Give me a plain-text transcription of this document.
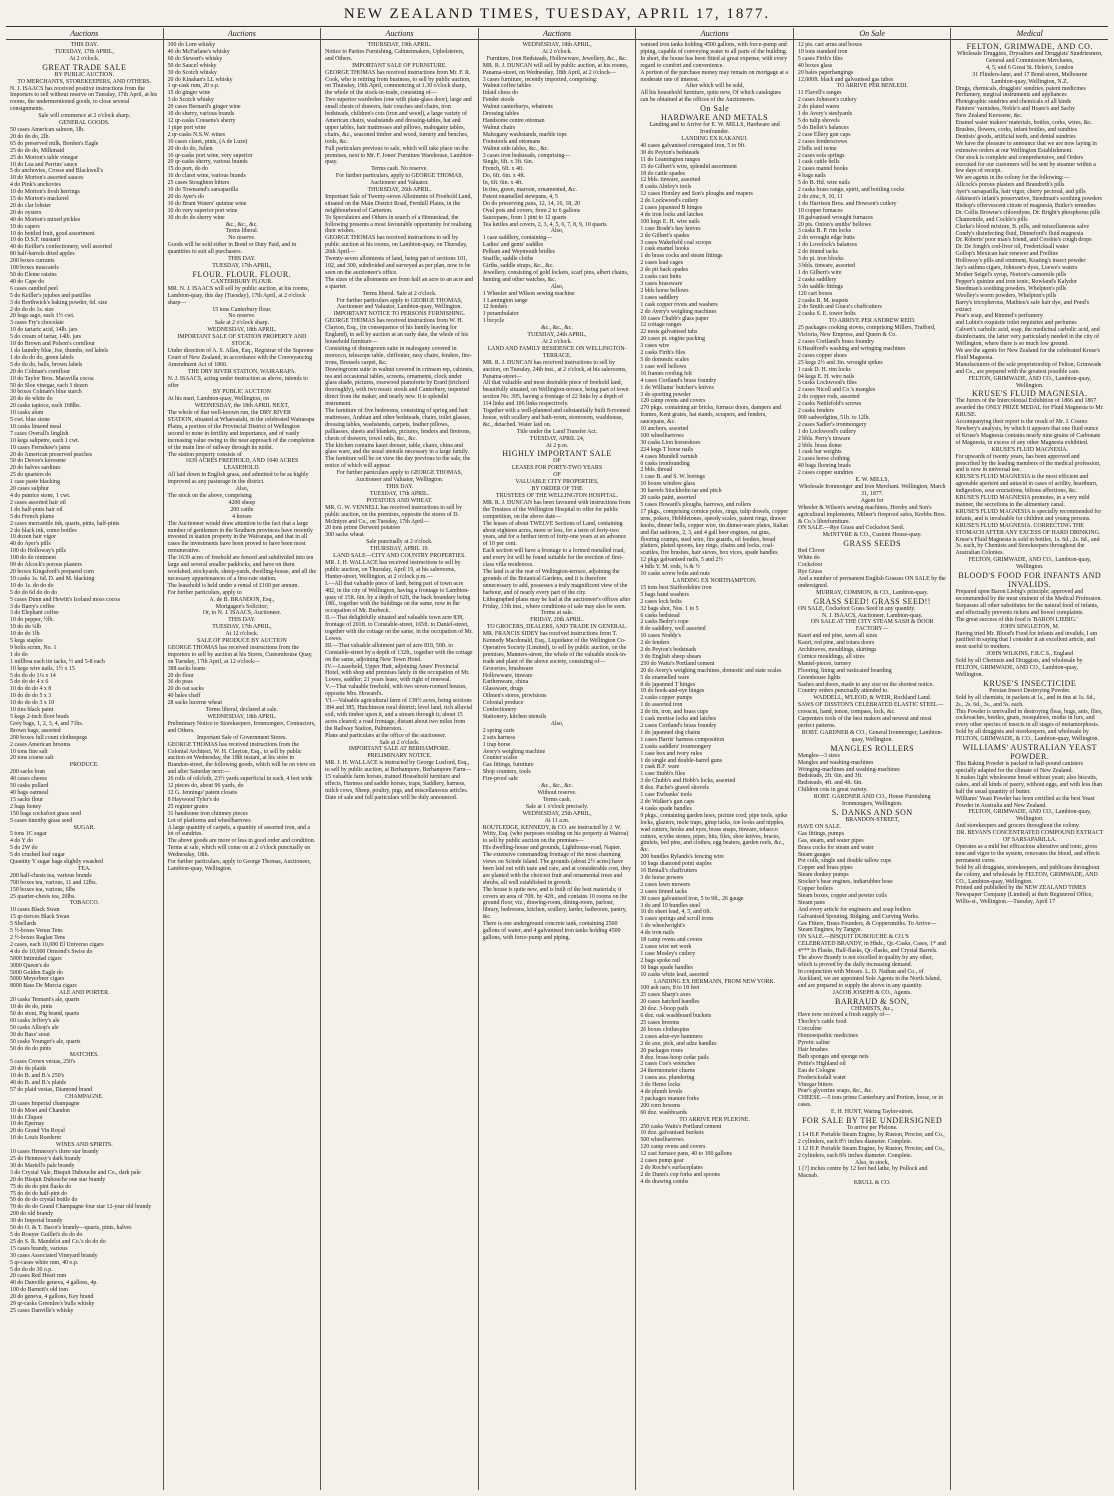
NEW ZEALAND TIMES, TUESDAY, APRIL 17, 1877.
Auctions

THIS DAY.

TUESDAY, 17th APRIL,

At 2 o'clock.

GREAT TRADE SALE

BY PUBLIC AUCTION.

TO MERCHANTS, STOREKEEPERS, AND OTHERS.

N. J. ISAACS has received positive instructions from the Importers to sell without reserve on Tuesday, 17th April, at his rooms, the undermentioned goods, to close several consignments.

Sale will commence at 2 o'clock sharp.

GENERAL GOODS.

50 cases American salmon, 1lb.

20 do do do, 2lb.

65 do preserved milk, Borden's Eagle

25 do do do, Milkmaid

25 do Morton's table vinegar

10 do Lea and Perrins' sauce

5 do anchovies, Crosse and Blackwell's

10 do Morton's assorted sauces

4 do Pink's anchovies

10 do Morton's fresh herrings

15 do Morton's mackerel

20 do clar lobster

20 do oysters

40 do Morton's mixed pickles

10 do capers

10 do bottled fruit, good assortment

10 do D.S.F. mustard

40 do Keiller's confectionery, well assorted

80 half-barrels dried apples

200 boxes currants

100 boxes muscatels

50 do Eleme raisins

40 do Cape do

6 cases candied peel

5 do Keiller's jujubes and pastilles

3 do Borthwick's baking powder, 6d. size

2 do do do 1s. size

20 bags sago, each 1½ cwt.

3 cases Fry's chocolate

10 do tartaric acid, 14lb. jars

5 do cream of tartar, 14lb. jars

10 do Brown and Polson's cornflour

1 do laundry blue, Joe, thumbs, red labels

1 do do do do, green labels

5 do do do, balls, brown labels

20 do Colman's cornflour

10 do Taylor Bros. Maravilla cocoa

50 do Sloe vinegar, each 3 dozen

30 boxes Colman's blue starch

20 do do white do

20 casks tapioca, each 168lbs.

10 casks alum

5 cwt. blue stone

10 casks linseed meal

7 cases Overall's linglish

10 kegs saltpetre, each 1 cwt.

10 cases Fernshaw's jams

20 do American preserved peaches

50 do Devoe's kerosene

20 do halves sardines

25 do quarters do

1 case paste blacking

20 cases sulphur

4 do pumice stone, 1 cwt.

2 cases assorted hair oil

1 do half-pints hair oil

5 do French plums

2 cases mercantile ink, quarts, pints, half-pints

2 do black ink, como bottles

10 dozen hair vigor

40 do Ayer's pills

100 do Holloway's pills

100 do do ointment

99 do Alcock's porous plasters

20 boxes Kingsford's prepared corn

10 casks 1s. 6d. D. and M. blacking

10 do 1s. do do do

5 do do 6d do do do

5 cases Dunn and Hewitt's Iceland moss cocoa

3 do Barry's coffee

3 do Elephant coffee

10 do pepper, ½lb.

10 do do ¼lb

10 do do 1lb

5 kegs staples

9 bolts scrim, No. 1

1 do do

1 millboa each tin tacks, ½ and 5-8 each

10 kegs wire nails, 1½ x 15

5 do do do 1¼ x 14

5 do do do 4 x 6

10 do do do 4 x 8

10 do do do 5 x 3

10 do do do 3 x 10

10 tins black paint

5 kegs 2-inch floor brads

Grey bags, 1, 2, 3, 4, and 71bs.

Brown bags, assorted

200 boxes full count clothespegs

2 cases American brooms

10 tons fine salt

20 tons coarse salt

PRODUCE.

200 sacks bran

40 cases cheese

50 casks pollard

40 bags oatmeal

15 sacks flour

2 bags honey

150 bags cocksfoot grass seed

5 cases timothy grass seed

SUGAR.

5 tons 1C sugar

4 do Y do

5 do 2W do

5 do crushed loaf sugar

Quantity Y sugar bags slightly swashed

TEA.

200 half-chests tea, various brands

700 boxes tea, various, 11 and 12lbs.

150 boxes tea, various, 6lbs

25 quarter-chests tea, 20lbs.

TOBACCO.

10 cases Black Swan

15 qr-tierces Black Swan

5 Shellards

5 ½-boxes Venus Tens

2 ½-boxes Raglan Tens

2 cases, each 10,000 El Universo cigars

4 do do 10,000 Ormond's Swiss do

5000 Intimidad cigars

3000 Queen's do

5000 Golden Eagle do

5000 Meyerbeer cigars

8000 Bass De Murcia cigars

ALE AND PORTER.

20 casks Tennant's ale, quarts

10 do do do, pints

50 do stout, Pig brand, quarts

60 casks Jeffrey's ale

50 casks Allsop's ale

30 do Bass' stout

50 casks Younger's ale, quarts

50 do do do pints

MATCHES.

5 cases Crown vestas, 250's

20 do do plaids

10 do B. and B.'s 250's

40 do B. and B.'s plaids

57 do plaid vestas, Diamond brand

CHAMPAGNE.

20 cases Imperial champagne

10 do Moet and Chandon

10 do Cliquot

10 do Epernay

20 do Grand Vin Royal

10 do Louis Roederer

WINES AND SPIRITS.

10 cases Hennessy's three star brandy

25 do Hennessy's dark brandy

30 do Martell's pale brandy

3 do Crystal Vale, Bisquit Dubouche and Co., dark pale

20 do Bisquit Dubouche one star brandy

75 do do do pint flasks do

75 do do do half-pint do

50 do do do crystal bottle do

70 do do do Grand Champagne four star 12-year old brandy

200 do old brandy

30 do Imperial brandy

50 do O. & T. Bacot's brandy—quarts, pints, halves

5 do Rouyer Guillet's do do do

25 do S. R. Mandelot and Co.'s do do do

15 cases brandy, various

30 cases Associated Vineyard brandy

5 qr-cases white rum, 40 o.p.

5 do do do 30 o.p.

20 cases Red Heart rum

40 do Danville geneva, 4 gallons, 4p.

100 do Barnett's old tom

20 do geneva, 4 gallons, Key brand

29 qr-casks Greenlee's bulls whisky

25 cases Danville's whisky

Auctions

100 do Lorn whisky

40 do McFarlane's whisky

60 do Stewart's whisky

50 do Saucel whisky

30 do Scotch whisky

20 do Kinahan's LL whisky

1 qr-cask rum, 20 o.p.

15 do ginger wine

3 do Scotch whisky

20 cases Bernard's ginger wine

10 do sherry, various brands

12 qr-casks Cousens's sherry

1 pipe port wine

2 qr-casks N.S.W. wines

10 cases claret, pints, (A de Luze)

20 do do do, Julien

16 qr-casks port wine, very superior

20 qr-casks sherry, various brands

15 do port, do do

16 do claret wine, various brands

25 cases Stoughton bitters

10 do Townsend's sarsaparilla

20 do Ayer's do

10 do Brunt Waters' quinine wine

10 do very superior port wine

10 do do do sherry wine

&c., &c., &c.

Terms liberal.

No reserve.

Goods will be sold either in Bond or Duty Paid, and in quantities to suit all purchasers.

THIS DAY.

TUESDAY, 17th APRIL,

FLOUR. FLOUR. FLOUR.

CANTERBURY FLOUR.

MR. N. J. ISAACS will sell by public auction, at his rooms, Lambton-quay, this day (Tuesday), 17th April, at 2 o'clock sharp—

15 tons Canterbury flour.

No reserve.

Sale at 2 o'clock sharp.

WEDNESDAY, 18th APRIL.

IMPORTANT SALE OF STATION PROPERTY AND STOCK.

Under direction of A. S. Allan, Esq., Registrar of the Supreme Court of New Zealand, in accordance with the Conveyancing Amendment Act of 1860.

THE DRY RIVER STATION, WAIRARAPA.

N. J. ISAACS, acting under instruction as above, intends to offer

BY PUBLIC AUCTION

At his mart, Lambton-quay, Wellington, on

WEDNESDAY, the 18th APRIL NEXT,

The whole of that well-known run, the DRY RIVER STATION, situated at Whareatahi, in the celebrated Wairarapa Plains, a portion of the Provincial District of Wellington second to none in fertility and importance, and of vastly increasing value owing to the near approach of the completion of the main line of railway through its midst.

The station property consists of

1639 ACRES FREEHOLD, AND 1040 ACRES LEASEHOLD.

All laid down in English grass, and admitted to be as highly improved as any pasturage in the district.

Also,

The stock on the above, comprising

4200 sheep

200 cattle

4 horses

The Auctioneer would draw attention to the fact that a large number of gentlemen in the Southern provinces have recently invested in station property in the Wairarapa, and that in all cases the investments have been proved to have been most remunerative.

The 1639 acres of freehold are fenced and subdivided into ten large and several smaller paddocks, and have on them woolshed, stockyards, sheep-yards, dwelling-house, and all the necessary appurtenances of a first-rate station.

The leasehold is held under a rental of £160 per annum.

For further particulars, apply to

A. de B. BRANDON, Esq.,

Mortgagee's Solicitor;

Or, to N. J. ISAACS, Auctioneer.

THIS DAY.

TUESDAY, 17th APRIL,

At 12 o'clock.

SALE OF PRODUCE BY AUCTION

GEORGE THOMAS has received instructions from the importers to sell by auction at his Stores, Customhouse Quay, on Tuesday, 17th April, at 12 o'clock—

388 sacks beans

20 do flour

36 do peas

20 do oat sacks

40 bales chaff

28 sacks lucerne wheat

Terms liberal, declared at sale.

WEDNESDAY, 18th APRIL.

Preliminary Notice to Storekeepers, Ironmongers, Contractors, and Others.

Important Sale of Government Stores.

GEORGE THOMAS has received instructions from the Colonial Architect, W. H. Clayton, Esq., to sell by public auction on Wednesday, the 18th instant, at his store in Brandon-street, the following goods, which will be on view on and after Saturday next:—

26 rolls of oilcloth, 23½ yards superficial in each, 4 feet wide

12 pieces do, about 96 yards, do

12 G. Jennings' patent closets

8 Haywood Tyler's do

25 register grates

31 handsome iron chimney pieces

Lot of platforms and wheelbarrows

A large quantity of carpets, a quantity of assorted iron, and a lot of sundries.

The above goods are more or less in good order and condition.

Terms at sale, which will come on at 2 o'clock punctually on Wednesday, 18th.

For further particulars, apply to George Thomas, Auctioneer, Lambton-quay, Wellington.

Auctions

THURSDAY, 19th APRIL.

Notice to Parties Furnishing, Cabinetmakers, Upholsterers, and Others.

IMPORTANT SALE OF FURNITURE.

GEORGE THOMAS has received instructions from Mr. F. R. Cook, who is retiring from business, to sell by public auction, on Thursday, 19th April, commencing at 1.30 o'clock sharp, the whole of the stock-in-trade, consisting of—

Two superior wardrobes (one with plate-glass door), large and small chests of drawers, hair couches and chairs, iron bedsteads, children's cots (iron and wood), a large variety of American chairs, washstands and dressing-tables, hat and upper tables, hair mattresses and pillows, mahogany tables, chairs, &c., seasoned timber and wood, turnery and benches, tools, &c.

Full particulars previous to sale, which will take place on the premises, next to Mr. F. Jones' Furniture Warehouse, Lambton-quay.

Terms cash. No reserve.

For further particulars, apply to GEORGE THOMAS, Auctioneer and Valuator.

THURSDAY, 26th APRIL.

Important Sale of Twenty-seven Allotments of Freehold Land, situated on the Main District Road, Fernhill Plains, in the neighbourhood of Carterton.

To Speculators and Others in search of a Homestead, the following presents a most favourable opportunity for realising their wishes.

GEORGE THOMAS has received instructions to sell by public auction at his rooms, on Lambton-quay, on Thursday, 26th April—

Twenty-seven allotments of land, being part of sections 101, 102, and 300, subdivided and surveyed as per plan, now to be seen on the auctioneer's office.

The sizes of the allotments are from half an acre to an acre and a quarter.

Terms liberal. Sale at 2 o'clock.

For further particulars apply to GEORGE THOMAS, Auctioneer and Valuator, Lambton-quay, Wellington.

IMPORTANT NOTICE TO PERSONS FURNISHING.

GEORGE THOMAS has received instructions from W. H. Clayton, Esq., (in consequence of his family leaving for England), to sell by auction at an early date, the whole of his household furniture—

Consisting of diningroom suite in mahogany covered in morocco, telescope table, chiffonier, easy chairs, fenders, fire-irons, Brussels carpet, &c.

Drawingroom suite in walnut covered in crimson rep, cabinets, tea and occasional tables, screens, ornaments, clock under glass shade, pictures, rosewood pianoforte by Erard (trichord thoroughly), with two music stools and Canterbury, imported direct from the maker, and nearly new. It is splendid instrument.

The furniture of five bedrooms, consisting of spring and hair mattresses, Arabian and other bedsteads, chairs, toilet glasses, dressing tables, washstands, carpets, feather pillows, palliasses, sheets and blankets, pictures, fenders and fireirons, chests of drawers, towel rails, &c., &c.

The kitchen contains kauri dresser, table, chairs, china and glass ware, and the usual utensils necessary in a large family.

The furniture will be on view the day previous to the sale, the notice of which will appear.

For further particulars apply to GEORGE THOMAS, Auctioneer and Valuator, Wellington.

THIS DAY.

TUESDAY, 17th APRIL.

POTATOES AND WHEAT.

MR. G. W. VENNELL has received instructions to sell by public auction, on the premises, opposite the stores of D. McIntyre and Co., on Tuesday, 17th April—

20 tons prime Derwent potatoes

300 sacks wheat

Sale punctually at 2 o'clock.

THURSDAY, APRIL 19.

LAND SALE—CITY AND COUNTRY PROPERTIES.

MR. J. H. WALLACE has received instructions to sell by public auction, on Thursday, April 19, at his salerooms, Hunter-street, Wellington, at 2 o'clock p.m.—

I.—All that valuable piece of land, being part of town acre 482, in the city of Wellington, having a frontage to Lambton-quay of 15ft. 6in. by a depth of 62ft, the back boundary being 18ft., together with the buildings on the same, now in the occupation of Mr. Burbeck.

II.—That delightfully situated and valuable town acre 838, frontage of 201ft. to Constable-street, 165ft. to Daniel-street, together with the cottage on the same, in the occupation of Mr. Lowes.

III.—That valuable allotment part of acre 810, 50ft. to Constable-street by a depth of 132ft., together with the cottage on the same, adjoining New Town Hotel.

IV.—Leasehold, Upper Hutt, adjoining Ames' Provincial Hotel, with shop and premises lately in the occupation of Mr. Lowes, saddler; 21 years lease, with right of renewal.

V.—That valuable freehold, with two seven-roomed houses, opposite Mrs. Howard's.

VI.—Valuable agricultural farm of 138½ acres, being sections 384 and 385, Hutchinson rural district; level land, rich alluvial soil, with timber upon it, and a stream through it; about 15 acres cleared; a road frontage, distant about two miles from the Railway Station, Palmerston.

Plans and particulars at the office of the auctioneer.

Sale at 2 o'clock.

IMPORTANT SALE AT BERHAMPORE.

PRELIMINARY NOTICE.

MR. J. H. WALLACE is instructed by George Luxford, Esq., to sell by public auction, at Berhampore, Berhampore Farm—15 valuable farm horses, trained Household furniture and effects, Harness and saddle horses, traps, Saddlery, harness, milch cows, Sheep, poultry, pigs, and miscellaneous articles.

Date of sale and full particulars will be duly announced.

Auctions

WEDNESDAY, 18th APRIL,

At 2 o'clock.

Furniture, Iron Bedsteads, Hollowware, Jewellery, &c., &c.

MR. R. J. DUNCAN will sell by public auction, at his rooms, Panama-street, on Wednesday, 18th April, at 2 o'clock—

3 cases furniture, recently imported, comprising:

Walnut coffee tables

Inlaid chess do

Fender stools

Walnut canterburys, whatnots

Dressing tables

Handsome centre ottoman

Walnut chairs

Mahogany washstands, marble tops

Footstools and ottomans

Walnut side tables, &c., &c.

3 cases iron bedsteads, comprising—

Single, 6ft. x 3ft. 6in.

French, 6ft. x 4ft.

Do, 6ft. 6in. x 4ft.

In, 6ft. 6in. x 4ft.

In tins, green, maroon, ornamented, &c.

Patent enamelled stewpans, 4, 5

Do do preserving pans, 12, 14, 16, 18, 20

Oval pots and covers, from 2 to 6 gallons

Saucepans, from 1 pint to 12 quarts

Tea kettles and covers, 2, 3, 4, 5, 6, 7, 8, 9, 10 quarts

Also,

1 case saddlery, containing—

Ladies' and gents' saddles

Pelham and Weymouth bridles

Snaffle, saddle cloths

Girths, saddle straps, &c., &c.

Jewellery, consisting of gold lockets, scarf pins, albert chains, hunting and other watches, &c.

Also,

1 Wheeler and Wilson sewing machine

1 Lamington range

12 fenders

1 perambulator

1 bicycle

&c., &c., &c.

TUESDAY, 24th APRIL,

At 2 o'clock.

LAND AND FAMILY RESIDENCE ON WELLINGTON-TERRACE.

MR. R. J. DUNCAN has received instructions to sell by auction, on Tuesday, 24th inst., at 2 o'clock, at his salerooms, Panama-street—

All that valuable and most desirable piece of freehold land, beautifully situated, on Wellington-terrace, being part of town section No. 395, having a frontage of 22 links by a depth of 114 links and 106 links respectively.

Together with a well-planned and substantially built 8-roomed house, with scullery and bath-room, storeroom, washhouse, &c., detached. Water laid on.

Title under the Land Transfer Act.

TUESDAY, APRIL 24,

At 2 p.m.

HIGHLY IMPORTANT SALE

OF

LEASES FOR FORTY-TWO YEARS

OF

VALUABLE CITY PROPERTIES,

BY ORDER OF THE

TRUSTEES OF THE WELLINGTON HOSPITAL.

MR. R. J. DUNCAN has been favoured with instructions from the Trustees of the Wellington Hospital to offer for public competition, on the above date—

The leases of about TWELVE Sections of Land, containing about eighteen acres, more or less, for a term of forty-two years, and for a further term of forty-one years at an advance of 10 per cent.

Each section will have a frontage to a formed metalled road, and every lot will be found suitable for the erection of first-class villa residences.

The land is at the rear of Wellington-terrace, adjoining the grounds of the Botanical Gardens, and it is therefore unnecessary to add, possesses a truly magnificent view of the harbour, and of nearly every part of the city.

Lithographed plans may be had at the auctioneer's offices after Friday, 13th inst., where conditions of sale may also be seen.

Terms at sale.

FRIDAY, 20th APRIL.

TO GROCERS, DEALERS, AND TRADE IN GENERAL.

MR. FRANCIS SIDEY has received instructions from T. Kennedy Macdonald, Esq., Liquidator of the Wellington Co-Operative Society (Limited), to sell by public auction, on the premises, Manners-street, the whole of the valuable stock-in-trade and plant of the above society, consisting of—

Groceries, brushware

Hollowware, tinware

Earthenware, china

Glassware, drugs

Oilmen's stores, provisions

Colonial produce

Confectionery

Stationery, kitchen utensils

Also,

2 spring carts

2 sets harness

1 trap horse

Avery's weighing machine

Counter scales

Gas fittings, furniture

Shop counters, tools

Fire-proof safe

&c., &c., &c.

Without reserve.

Terms cash.

Sale at 1 o'clock precisely.

WEDNESDAY, 25th APRIL,

At 11 a.m.

ROUTLEDGE, KENNEDY, & CO. are instructed by J. W. Witty, Esq. (who purposes residing on his property at Wairoa) to sell by public auction on the premises—

His dwelling-house and grounds, Lighthouse-road, Napier. The extensive commanding frontage of the most charming views on Scinde Island. The grounds (about 2½ acres) have been laid out with taste and care, and at considerable cost, they are planted with the choicest fruit and ornamental trees and shrubs, all well established in growth.

The house is quite new, and is built of the best materials; it covers an area of 70ft. by 42ft., and contains 10 rooms on the ground floor, viz., drawing-room, dining-room, parlour, library, bedrooms, kitchen, scullery, larder, bathroom, pantry, &c.

There is one underground concrete tank, containing 2500 gallons of water, and 4 galvanised iron tanks holding 4500 gallons, with force-pump and piping.

Auctions

vanised iron tanks holding 4500 gallons, with force-pump and piping, capable of conveying water to all parts of the building.

In short, the house has been fitted at great expense, with every regard to comfort and convenience.

A portion of the purchase money may remain on mortgage at a moderate rate of interest.

After which will be sold,

All his household furniture, quite new, Of which catalogues can be obtained at the offices of the Auctioneers.

On Sale

HARDWARE AND METALS

Landing and to Arrive for E. W. MILLS, Hardware and Ironfounder.

LANDING EX KAKANUI.

40 cases galvanised corrugated iron, 5 to 9ft.

30 do Peyton's bedsteads

11 do Leamington ranges

15 do Gilbert's wire, splendid assortment

18 do cattle spades

12 bbls. tinware, assorted

8 casks Ahrley's tools

12 cases Horsley and Son's ploughs and reapers

2 do Lockwood's cutlery

2 cases japanned B hinges

4 do iron locks and latches

100 kegs E. H. wire nails

1 case Brade's hay knives

2 do Gilbert's spades

3 cases Wakefield coal scoops

1 cask enamel hooks

1 do brass cocks and steam fittings

2 cases lead cages

2 do pit back spades

2 casks cast butts

3 cases brassware

2 bbls horse bellows

3 cases saddlery

1 cask copper rivets and washers

2 do Avery's weighing machines

10 cases Chubb's glass paper

12 cottage ranges

22 nests galvanised tubs

20 cases pt. engine packing

3 cases wire

2 casks Firth's files

5 do domestic scales

1 case well bellows

16 frames roofing felt

4 cases Cortland's brass foundry

1 do Williams' butcher's knives

3 do sporting powder

120 camp ovens and covers

270 pkgs. containing air bricks, furnace doors, dampers and frames, Kent grates, hat stands, scrapers, and fenders, saucepans, &c.

10 anchors, assorted

100 wheelbarrows

30 casks Lion horseshoes

224 kegs T horse nails

4 cases Mundell varnish

6 casks ironfounding

2 bbls. thread

1 case B. and S. W. borings

10 boxes window glass

30 barrels Stockholm tar and pitch

20 casks paint, assorted

5 cases Howard's ploughs, harrows, and rollers

17 pkgs., comprising cornice poles, rings, tulip dowels, copper urns, pokers, Hebbletones, speedy scales, patent rings, drawer knobs, dinner bells, copper wire, tin dinner-ware plates, Italian and flat sadirons, 2, 3, and 4 gall beer engines, rat gins, flooring cramps, steel wire, fire guards, oil feeders, bread platters, plated spoons, key rings, chains and locks, coal-scuttles, fire brushes, hair sieves, box vices, spade handles

12 pkgs galvanised nails, 5 and 2½

4 bdls Y. M. rods, ¼ & ½

10 casks screw bolts and nuts

LANDING EX NORTHAMPTON.

15 tons best Staffordshire iron

5 bags hand washers

2 cases lock bolts

32 bags shot, Nos. 1 to 5

6 casks bedstead

2 casks Bedry's rope

8 do saddlery, well assorted

10 cases Noddy's

2 do fenders

2 do Peyton's bedsteads

3 do English sheep shears

250 do Watts's Portland cement

20 do Avery's weighing machines, domestic and state scales

5 do enamelled ware

8 do japanned T hinges

10 do hook-and-eye hinges

2 casks copper pumps

1 do assorted iron

2 do tin, iron, and brass cups

1 cask mortise locks and latches

2 cases Cortland's brass foundry

1 do japanned dog chains

1 cases Harris' harness composition

2 casks saddlers' ironmongery

1 case box and ivory rules

1 do single and double-barrel guns

1 cask B.F. ware

1 case Stubb's files

3 do Chubb's and Hobb's locks, assorted

8 doz. Pache's gravel shovels

1 case Ewbanks' tools

2 do Walker's gun caps

4 casks spade handles

9 pkgs., containing garden hoes, picture cord, pipe tools, spike locks, glaziers, mole traps, gimp tacks, toe looks and nipples, wad cutters, hooks and eyes, brass snaps, tinware, tobacco cutters, scythe stones, pipes, bits, files, shoe knives, braces, gimlets, bed pins, and clothes, egg beaters, garden reels, &c., &c.

200 bundles Rylands's fencing wire

10 bags diamond point staples

16 Bentall's chaffcutters

3 do horse powers

2 cases lawn mowers

2 cases tinned tacks

30 cases galvanised iron, 5 to 9ft., 26 gauge

3 do and 10 bundles steel

10 do sheet lead, 4, 5, and 6ft.

5 cases springs and scroll irons

1 do wheelwright's

4 do iron nails

18 camp ovens and covers

2 cases wire net work

1 case Mosley's cutlery

2 bags spoke rail

10 bags spade handles

10 casks white lead, assorted

LANDING EX HERMANN, FROM NEW YORK.

100 ash oars, 8 to 18 feet

25 cases Sharp's axes

20 cases hatched handles

20 doz. 3-hoop pails

6 doz. oak washboard buckets

25 cases brooms

26 boxes clothespins

2 cases adze-eye hammers

2 do axe, pick, and adze handles

20 packages roses

8 doz. brass-hoop cedar pails

2 cases Coe's wrenches

24 thermometer churns

3 cases ass. plundering

3 do Hemo locks

4 do plumb levels

3 packages manure forks

200 corn brooms

60 doz. washboards

TO ARRIVE PER PLEIONE.

250 casks Watts's Portland cement

10 doz. galvanised buckets

500 wheelbarrows

120 camp ovens and covers

12 cast furnace pans, 40 to 100 gallons

2 cases pump gear

2 do Roche's surfaceplates

2 do Dunn's cop forks and spoons

4 do drawing combs

On Sale

12 pts. cart arms and boxes

10 tons standard iron

5 cases Firth's files

40 boxes glass

20 bales paperhangings

12,000ft. black and galvanised gas tubes

TO ARRIVE PER BENLEDI.

11 Flavell's ranges

2 cases Johnson's cutlery

2 do plated wares

1 do Avery's steelyards

5 do tulip shovels

5 do Bellet's balances

2 case Ellery gun caps

2 cases fenderscrews

2 bdls soil twine

2 cases sofa springs

1 cask cattle bells

2 cases mantel hooks

4 bags nails

5 do B. Hd. wire nails

2 casks brass range, spirit, and bottling cocks

2 do zinc, 9, 10, 11

1 do Harrison Bros. and Howson's cutlery

10 copper furnaces

18 galvanised wrought furnaces

20 pts. Onion's smiths' bellows

3 casks B. P. rim locks

2 do wrought edge butts

1 do Lovelock's balances

2 do tinned tacks

3 do pt. iron blocks

3 bbls. tinware, assorted

1 do Gilbert's wire

2 casks saddlery

3 do saddle fittings

120 cart boxes

2 casks B. M. teapots

2 do Smith and Grace's chaffcutters

2 casks S. E. tower bolts

TO ARRIVE PER ANDREW REID.

25 packages cooking stoves, comprising Millers, Trafford, Victoria, New Empress, and Queen & Co.

2 cases Cortland's brass foundry

6 Headford's washing and wringing machines

2 cases copper shoes

25 kegs 2½ and 3in. wrought spikes

1 cask D. H. rim locks

04 kegs E. H. wire nails

5 casks Lockwood's files

2 cases Nicoll and Co.'s mangles

2 do copper rods, assorted

2 casks Nettlefold's screws

2 casks fenders

900 sadwedgtins, 51b. to 12lb.

2 cases Sadler's ironmongery

1 do Lockwood's cutlery

2 bbls. Perry's tinware

2 bbls. brass dome

1 cask bar weights

2 cases horse clothing

40 bags flooring brads

2 cases copper sundries

E. W. MILLS,

Wholesale Ironmonger and Iron Merchant. Wellington, March 31, 1877.

Agent for

Wheeler & Wilson's sewing machines, Horsby and Son's agricultural implements, Milner's fireproof safes, Krebbs Bros. & Co.'s librefurniture.

ON SALE.—Rye Grass and Cocksfoot Seed.

McINTYRE & CO., Custom House-quay.

GRASS SEEDS

Red Clover

White do

Cocksfoot

Rye Grass

And a number of permanent English Grasses ON SALE by the undersigned.

MURRAY, COMMON, & CO., Lambton-quay.

GRASS SEED! GRASS SEED!!

ON SALE, Cocksfoot Grass Seed in any quantity.

N. J. ISAACS, Auctioneer, Lambton-quay.

ON SALE AT THE CITY STEAM SASH & DOOR FACTORY—

Kauri and red pine, sawn all sizes

Kauri, red pine, and totara doors

Architraves, mouldings, skirtings

Cornice mouldings, all sizes

Mantel-pieces, turnery

Flooring, lining and rusticated boarding

Greenhouse lights

Sashes and doors, made to any size on the shortest notice.

Country orders punctually attended to.

WADDELL, M'LEOD, & WEIR, Rockland Land.

SAWS OF DISSTON'S CELEBRATED ELASTIC STEEL—crosscut, hand, tenon, compass, lock, &c.

Carpenters tools of the best makers and newest and most perfect patterns.

ROBT. GARDNER & CO., General Ironmonger, Lambton-quay, Wellington.

MANGLES ROLLERS

Mangles—3 sizes

Mangles and washing-machines

Wringing-machines and washing-machines

Bedsteads, 2ft. 6in. and 3ft.

Bedsteads, 4ft. and 4ft. 6in.

Children cots in great variety.

ROBT. GARDNER AND CO., House Furnishing Ironmongers, Wellington.

S. DANKS AND SON

BRANDON-STREET,

HAVE ON SALE.

Gas fittings, pumps

Gas, steam, and water pipes

Brass cocks for steam and water

Steam gauges

Pot coils, single and double tallow cups

Copper and brass pipes

Steam donkey pumps

Stocker's bear engines, indiarubber hose

Copper boilers

Steam boxes, copper and pewter coils

Steam pans

And every article for engineers and soap boilers

Galvanised Spouting, Ridging, and Curving Works.

Gas Fitters, Brass Founders, & Coppersmiths. To Arrive—Steam Engines, by Tangye.

ON SALE.—BISQUIT DUBOUCHE & CO.'S CELEBRATED BRANDY, in Hhds., Qr.-Casks, Cases, 1* and 4*** In Flasks, Half-flasks, Qr.-flasks, and Crystal Barrels.

The above Brandy is not excelled in quality by any other, which is proved by the daily increasing demand.

In conjunction with Messrs. L. D. Nathan and Co., of Auckland, we are appointed Sole Agents in the North Island, and are prepared to supply the above in any quantity.

JACOB JOSEPH & CO., Agents.

BARRAUD & SON,

CHEMISTS, &c.,

Have now received a fresh supply of—

Thorley's cattle food

Cocculine

Homoeopathic medicines

Pyretic saline

Hair brushes

Bath sponges and sponge nets

Pettie's Highland oil

Eau de Cologne

Fredericksdall water

Vinegar bitters

Pear's glycerine soaps, &c., &c.

CHEESE.—5 tons prime Canterbury and Portion, loose, or in cases.

E. H. HUNT, Waring Taylor-street.

FOR SALE BY THE UNDERSIGNED

To arrive per Pleione.

1 14 H.P. Portable Steam Engine, by Ruston, Proctor, and Co., 2 cylinders, each 8½ inches diameter. Complete.

1 12 H.P. Portable Steam Engine, by Ruston, Proctor, and Co., 2 cylinders, each 8¾ inches diameter. Complete.

Also, in stock,

1 [?] inches centre by 12 feet bed lathe, by Pollock and Macnab.

KRULL & CO.

Medical

FELTON, GRIMWADE, AND CO.

Wholesale Druggists, Drysalters and Druggists' Sundriesmen,

General and Commission Merchants,

4, 5, and 6 Great St. Helen's, London

31 Flinders-lane, and 17 Bond-street, Melbourne

Lambton-quay, Wellington, N.Z.

Drugs, chemicals, druggists' sundries, patent medicines

Perfumery, surgical instruments and appliances

Photographic sundries and chemicals of all kinds

Painters' varnishes, Noble's and Hoare's and Sachy

New Zealand Kerosene, &c.

Enamel water makers' materials, bottles, corks, wires, &c.

Brushes, flowers, corks, infant bottles, and sundries

Dentists' goods, artificial teeth, and dental sundries

We have the pleasure to announce that we are now laying in extensive orders at our Wellington Establishment.

Our stock is complete and comprehensive, and Orders executed for our customers will be sent by steamer within a few days of receipt.

We are agents in the colony for the following:—

Allcock's porous plasters and Brandreth's pills

Ayer's sarsaparilla, hair vigor, cherry pectoral, and pills

Atkinson's infant's preservative, Steedman's soothing powders

Bishop's effervescent citrate of magnesia, Butler's remedies

Dr. Collis Browne's chlorodyne, Dr. Bright's phosphorus pills

Chamomile, and Cockle's pills

Clarke's blood mixture, B. pills, and miscellaneous salve

Condy's disinfecting fluid, Dinneford's fluid magnesia

Dr. Roberts' poor man's friend, and Crosbie's cough drops

Dr. De Jongh's cod-liver oil, Fredericksall water

Gollop's Mexican hair renewer and Freiline

Holloway's pills and ointment, Keating's insect powder

Jay's asthma cigars, Johnson's dyes, Loewe's waters

Mother Seigel's syrup, Norton's camomile pills

Pepper's quinine and iron tonic, Rowland's Kalydor

Steedman's soothing powders, Whelpton's pills

Woolley's worm powders, Whelpton's pills

Barry's tricopherous, Mathieu's safe hair dye, and Pond's extract

Pear's soap, and Rimmel's perfumery

and Lubin's exquisite toilet requisites and perfumes

Calvert's carbolic acid, soap, the medicinal carbolic acid, and disinfectants, the latter very particularly needed in the city of Wellington, where there is so much low ground.

We are the agents for New Zealand for the celebrated Kruse's Fluid Magnesia.

Manufacturers of the sole proprietorship of Felton, Grimwade and Co., are prepared with the greatest possible care.

FELTON, GRIMWADE, AND CO., Lambton-quay, Wellington.

KRUSE'S FLUID MAGNESIA.

The Jurors of the Intercolonial Exhibition of 1866 and 1867 awarded the ONLY PRIZE MEDAL for Fluid Magnesia to Mr. KRUSE.

Accompanying their report is the result of Mr. J. Cosmo Newbery's analysis, by which it appears that one fluid ounce of Kruse's Magnesia contains nearly nine grains of Carbonate of Magnesia, in excess of any other Magnesia exhibited.

KRUSE'S FLUID MAGNESIA.

For upwards of twenty years, has been approved and prescribed by the leading members of the medical profession, and is now in universal use.

KRUSE'S FLUID MAGNESIA is the most efficient and agreeable aperient and antacid in cases of acidity, heartburn, indigestion, sour eructations, bilious affections, &c.

KRUSE'S FLUID MAGNESIA promotes, in a very mild manner, the secretions in the alimentary canal.

KRUSE'S FLUID MAGNESIA is specially recommended for infants, and is invaluable for children and young persons.

KRUSE'S FLUID MAGNESIA. CORRECTING THE STOMACH AFTER ANY EXCESS OF HARD DRINKING.

Kruse's Fluid Magnesia is sold in bottles, 1s. 6d., 2s. 6d., and 3s. each, by Chemists and Storekeepers throughout the Australian Colonies.

FELTON, GRIMWADE, AND CO., Lambton-quay, Wellington.

BLOOD'S FOOD FOR INFANTS AND INVALIDS.

Prepared upon Baron Liebig's principle; approved and recommended by the most eminent of the Medical Profession.

Surpasses all other substitutes for the natural food of infants, and effectually prevents rickets and bowel complaints.

The great success of this food is 'BARON LIEBIG.'

JOHN SINGLETON, M.

Having tried Mr. Blood's Food for infants and invalids, I am justified in saying that I consider it an excellent article, and most useful to mothers.

JOHN WILKINS, F.R.C.S., England

Sold by all Chemists and Druggists, and wholesale by FELTON, GRIMWADE, AND CO., Lambton-quay, Wellington.

KRUSE'S INSECTICIDE

Persian Insect Destroying Powder.

Sold by all chemists, in packets at 1s., and in tins at 1s. 6d., 2s., 2s. 6d., 3s., and 5s. each.

This Powder is unrivalled in destroying fleas, bugs, ants, flies, cockroaches, beetles, gnats, mosquitoes, moths in furs, and every other species of insects in all stages of metamorphosis.

Sold by all druggists and storekeepers, and wholesale by FELTON, GRIMWADE, & CO., Lambton-quay, Wellington.

WILLIAMS' AUSTRALIAN YEAST POWDER.

This Baking Powder is packed in half-pound canisters specially adapted for the climate of New Zealand.

It makes light wholesome bread without yeast; also biscuits, cakes, and all kinds of pastry, without eggs, and with less than half the usual quantity of butter.

Williams' Yeast Powder has been certified as the best Yeast Powder in Australia and New Zealand.

FELTON, GRIMWADE, AND CO., Lambton-quay, Wellington.

And storekeepers and grocers throughout the colony.

DR. BEVAN'S CONCENTRATED COMPOUND EXTRACT OF SARSAPARILLA.

Operates as a mild but efficacious alterative and tonic, gives tone and vigor to the system, renovates the blood, and effects permanent cures.

Sold by all druggists, storekeepers, and publicans throughout the colony, and wholesale by FELTON, GRIMWADE, AND CO., Lambton-quay, Wellington.

Printed and published by the NEW ZEALAND TIMES Newspaper Company (Limited) at their Registered Office, Willis-st., Wellington.—Tuesday, April 17
